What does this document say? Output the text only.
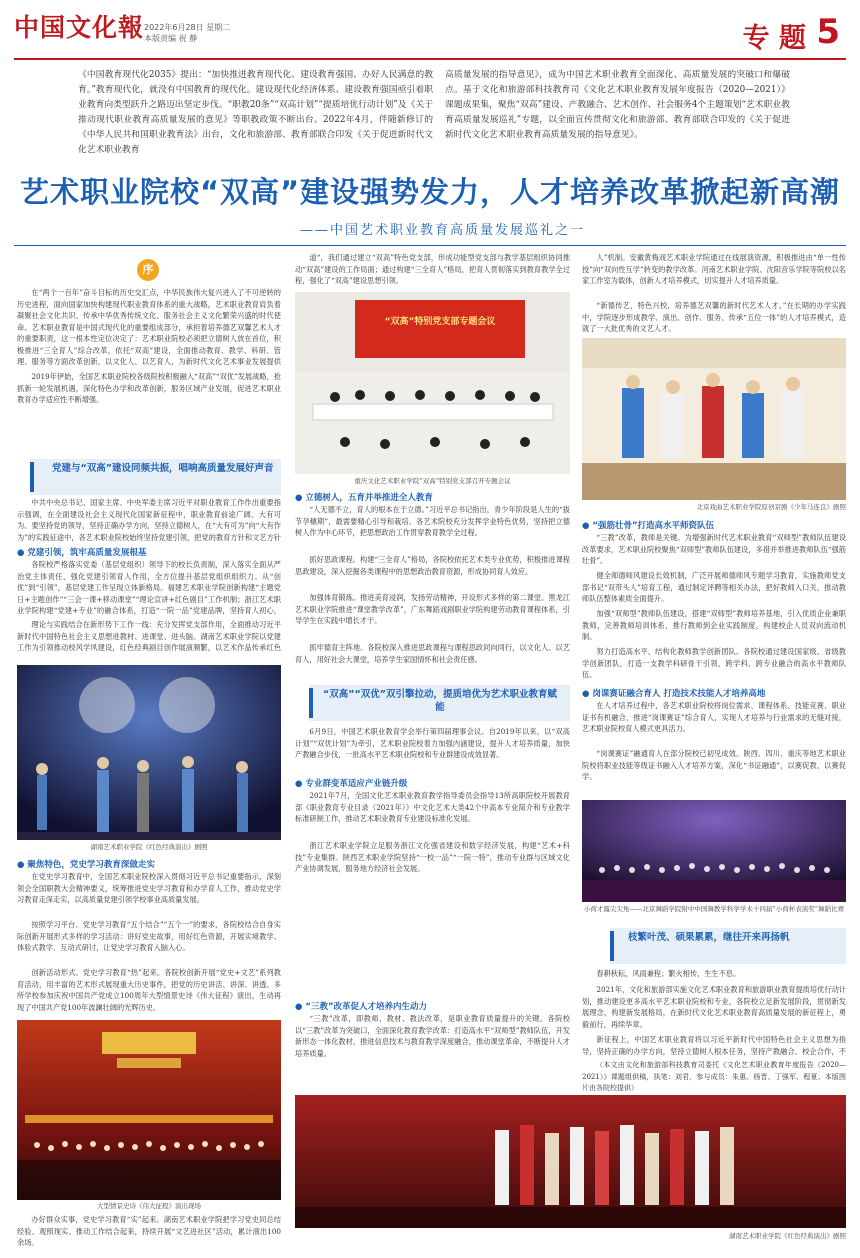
中国文化報 2022年6月28日 星期二
本版责编 祝 静	专 题 5
《中国教育现代化2035》提出：“加快推进教育现代化、建设教育强国、办好人民满意的教育。”教育现代化，就没有中国教育的现代化。建设现代化经济体系、建设教育强国亟引着职业教育向类型跃升之路迈出坚定步伐。“职教20条”“双高计划”“提质培优行动计划”及《关于推动现代职业教育高质量发展的意见》等职教政策不断出台。2022年4月，伴随新修订的《中华人民共和国职业教育法》出台，文化和旅游部、教育部联合印发《关于促进新时代文化艺术职业教育
高质量发展的指导意见》，成为中国艺术职业教育全面深化、高质量发展的突破口和爆破点。基于文化和旅游部科技教育司《文化艺术职业教育发展年度报告（2020—2021）》课题成果集，聚焦“双高”建设、产教融合、艺术创作、社会服务4个主题策划“艺术职业教育高质量发展巡礼”专题，以全面宣传贯彻文化和旅游部、教育部联合印发的《关于促进新时代文化艺术职业教育高质量发展的指导意见》。
艺术职业院校“双高”建设强势发力，人才培养改革掀起新高潮
——中国艺术职业教育高质量发展巡礼之一
序

在“两个一百年”奋斗目标的历史交汇点，中华民族伟大复兴进入了不可逆转的历史进程，面向国家加快构建现代职业教育体系的重大战略，艺术职业教育肩负着凝聚社会文化共识、传承中华优秀传统文化、服务社会主义文化繁荣兴盛的时代使命。艺术职业教育是中国式现代化的重要组成部分，承担着培养德艺双馨艺术人才的重要职责，这一根本性定位决定了：艺术职业院校必须把立德树人放在首位，积极推进“三全育人”综合改革，依托“双高”建设，全面推动教育、教学、科研、管理、服务等方面改革创新，以文化人、以艺育人，为新时代文化艺术事业发展提供

2019年伊始，全国艺术职业院校各级院校积极融入“双高”“双优”发展战略，抢抓新一轮发展机遇，深化特色办学和改革创新，服务区域产业发展，促进艺术职业教育办学适应性不断增强。

党建与“双高”建设同频共振，唱响高质量发展好声音

中共中央总书记、国家主席、中央军委主席习近平对职业教育工作作出重要指示强调，在全面建设社会主义现代化国家新征程中，职业教育前途广阔、大有可为。要坚持党的领导，坚持正确办学方向，坚持立德树人，在“大有可为”向“大有作为”的实践征途中，各艺术职业院校始终坚持党建引领，把党的教育方针和文艺方针

● 党建引领，筑牢高质量发展根基

各院校严格落实党委（基层党组织）领导下的校长负责制，深入落实全面从严治党主体责任，强化党建引领育人作用，全方位提升基层党组织组织力。从“创优”到“引领”，基层党建工作呈现立体新格局。福建艺术职业学院创新构建“主题党日+主题创作”“三会一课+移动课堂”“理论宣讲+红色剧目”工作机制；浙江艺术职业学院构建“党建+专业”的融合体系，打造“一院一品”党建品牌，坚持育人初心，

理论与实践结合在新形势下工作一线：充分发挥党支部作用，全面推动习近平新时代中国特色社会主义思想进教材、进课堂、进头脑。湖南艺术职业学院以党建工作为引领推动校风学风建设，红色经典剧目创作展演频繁，以艺术作品传承红色

湖南艺术职业学院《红色经典演出》剧照
● 聚焦特色，党史学习教育深做走实

在党史学习教育中，全国艺术职业院校深入贯彻习近平总书记重要指示，深刻领会全国职教大会精神要义，统筹推进党史学习教育和办学育人工作，推动党史学习教育走深走实，以高质量党建引领学校事业高质量发展。

按照学习平台、党史学习教育“五个结合”“五个一”的要求，各院校结合自身实际创新开展形式多样的学习活动：讲好党史故事，用好红色资源，开展实境教学、体验式教学、互动式研讨，让党史学习教育入脑入心。

创新活动形式。党史学习教育“热”起来。各院校创新开展“党史+文艺”系列教育活动，用丰富的艺术形式展现重大历史事件，把党的历史讲活、讲深、讲透。多所学校参加庆祝中国共产党成立100周年大型情景史诗《伟大征程》演出，生动再现了中国共产党100年波澜壮阔的光辉历史。

大型情景史诗《伟大征程》演出现场

办好群众实事，党史学习教育“实”起来。湖南艺术职业学院把学习党史同总结经验、观照现实、推动工作结合起来，持续开展“文艺进社区”活动，累计演出100余场。

道“，我们通过建立“双高”特色党支部，形成功能型党支部与教学基层组织协同推动“双高”建设的工作局面；通过构建“三全育人”格局，把育人贯彻落实到教育教学全过程，强化了“双高”建设思想引领。

“双高”特别党支部专题会议
重庆文化艺术职业学院“双高”特别党支部召开专题会议
● 立德树人，五育并举推进全人教育

“人无德不立，育人的根本在于立德。”习近平总书记指出，青少年阶段是人生的“拔节孕穗期”，最需要精心引导和栽培。各艺术院校充分发挥学业特色优势，坚持把立德树人作为中心环节，把思想政治工作贯穿教育教学全过程。

抓好思政课程。构建“三全育人”格局，各院校依托艺术类专业优势，积极推进课程思政建设，深入挖掘各类课程中的思想政治教育资源，形成协同育人效应。

加强体育锻炼。推进美育浸润，发扬劳动精神，开设形式多样的第二课堂。黑龙江艺术职业学院推进“课堂教学改革”，广东舞蹈戏剧职业学院构建劳动教育课程体系，引导学生在实践中增长才干。

抓牢德育主阵地。各院校深入推进思政课程与课程思政同向同行，以文化人、以艺育人，用好社会大课堂，培养学生家国情怀和社会责任感。

“双高”“双优”双引擎拉动，提质培优为艺术职业教育赋能

6月9日，中国艺术职业教育学会举行第四届理事会议。自2019年以来，以“双高计划”“双优计划”为牵引，艺术职业院校着力加强内涵建设，提升人才培养质量，加快产教融合步伐，一批高水平艺术职业院校和专业群建设成效显著。

● 专业群变革适应产业链升级

2021年7月，全国文化艺术职业教育教学指导委员会指导13所高职院校开展教育部《职业教育专业目录（2021年）》中文化艺术大类42个中高本专业简介和专业教学标准研制工作，推动艺术职业教育专业建设标准化发展。

浙江艺术职业学院立足服务浙江文化强省建设和数字经济发展，构建“艺术+科技”专业集群。陕西艺术职业学院坚持“一校一品”“一院一特”，推动专业群与区域文化产业协调发展，服务地方经济社会发展。

● “三教”改革促人才培养内生动力

“三教”改革，即教师、教材、教法改革，是职业教育质量提升的关键。各院校以“三教”改革为突破口，全面深化教育教学改革：打造高水平“双师型”教师队伍，开发新形态一体化教材，推进信息技术与教育教学深度融合，推动课堂革命，不断提升人才培养质量。

湖南艺术职业学院《红色经典演出》剧照

人”机制。安徽黄梅戏艺术职业学院通过在线展演资源，积极推进由“单一性传授”向“双向性互学”转变的教学改革。河南艺术职业学院、沈阳音乐学院等院校以名家工作室为载体，创新人才培养模式，切实提升人才培养质量。

“新德传艺，特色兴校，培养德艺双馨的新时代艺术人才。”在长期的办学实践中，学院逐步形成教学、演出、创作、服务、传承“五位一体”的人才培养模式，造就了一大批优秀的文艺人才。

北京戏曲艺术职业学院原创京剧《少年马连良》剧照
● “强筋壮骨”打造高水平师资队伍

“三教”改革，教师是关键。为增强新时代艺术职业教育“双师型”教师队伍建设改革要求，艺术职业院校聚焦“双师型”教师队伍建设，多措并举推进教师队伍“强筋壮骨”。

健全师德师风建设长效机制，广泛开展师德师风专题学习教育，实施教师党支部书记“双带头人”培育工程，通过制定评聘等相关办法，把好教师入口关，推动教师队伍整体素质全面提升。

加强“双师型”教师队伍建设，搭建“双师型”教师培养基地，引入优质企业兼职教师，完善教师培训体系，推行教师到企业实践制度，构建校企人员双向流动机制。

努力打造高水平、结构化教师教学创新团队。各院校通过建设国家级、省级教学创新团队，打造一支教学科研骨干引领，跨学科、跨专业融合的高水平教师队伍。

● 岗课赛证融合育人 打造技术技能人才培养高地

在人才培养过程中，各艺术职业院校将岗位需求、课程体系、技能竞赛、职业证书有机融合，推进“岗课赛证”综合育人，实现人才培养与行业需求的无缝对接，艺术职业院校育人模式更具活力。

“岗课赛证”融通育人在部分院校已初见成效。陕西、四川、重庆等地艺术职业院校将职业技能等级证书融入人才培养方案，深化“书证融通”，以赛促教、以赛促学。

小荷才露尖尖角——北京舞蹈学院附中中国舞教学科学学术十四届”小荷杯表演奖“舞蹈比赛
枝繁叶茂、硕果累累，继往开来再扬帆

春耕秋耘，风雨兼程；繁火相传，生生不息。

2021年，文化和旅游部实施文化艺术职业教育和旅游职业教育提质培优行动计划，推动建设更多高水平艺术职业院校和专业，各院校立足新发展阶段，贯彻新发展理念，构建新发展格局，在新时代文化艺术职业教育高质量发展的新征程上，勇毅前行，再续华章。

新征程上，中国艺术职业教育将以习近平新时代中国特色社会主义思想为指导，坚持正确的办学方向，坚持立德树人根本任务，坚持产教融合、校企合作，不

（本文由文化和旅游部科技教育司委托《文化艺术职业教育年度报告（2020—2021）》课题组供稿，执笔：刘君，参与成员：朱惠、杨晋、丁强军、程夏、本版图片由各院校提供）
